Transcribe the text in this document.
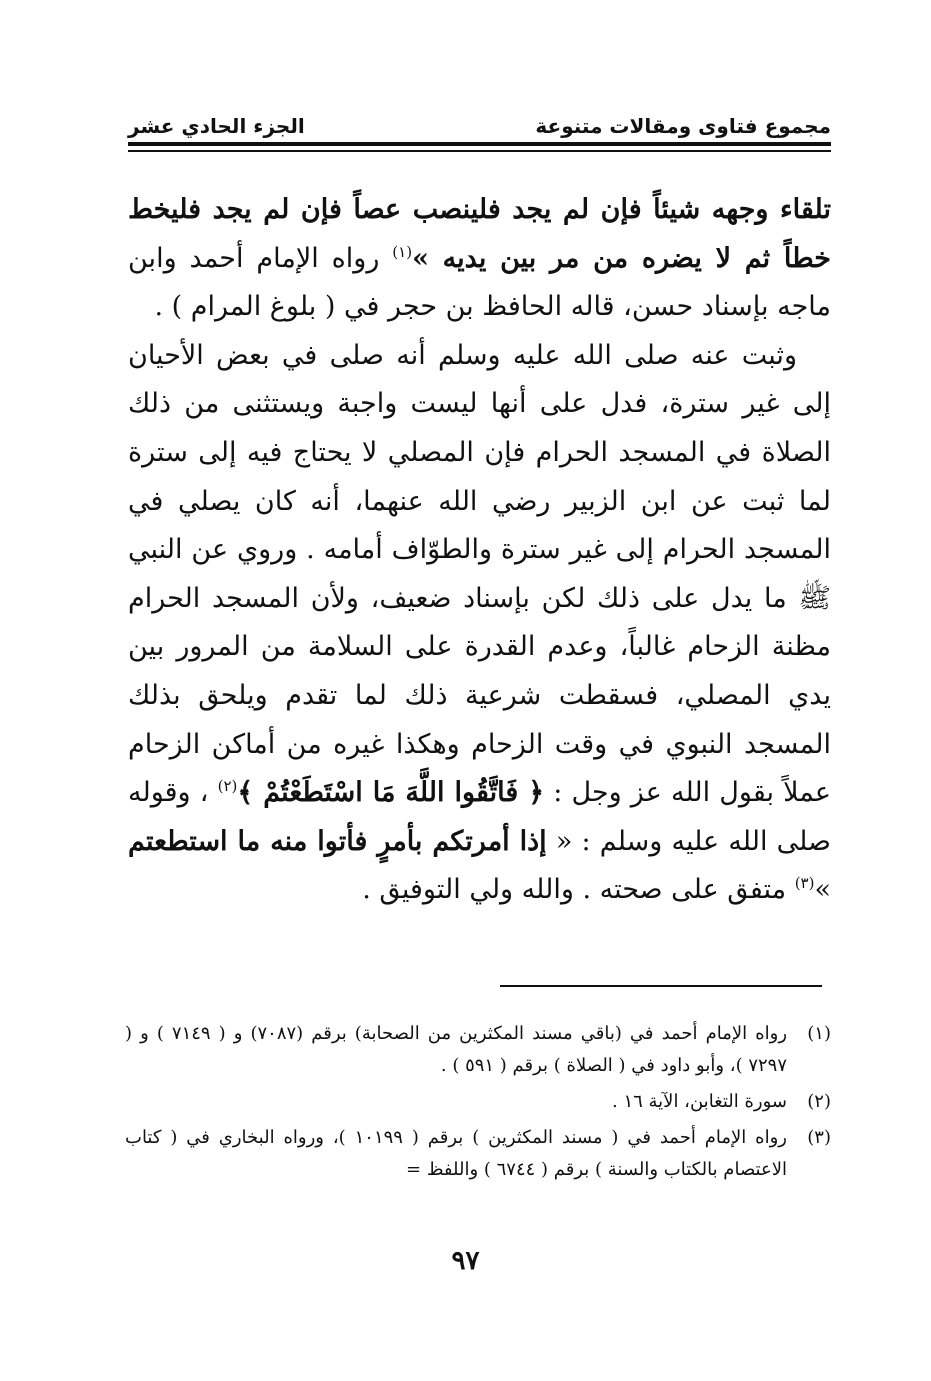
مجموع فتاوى ومقالات متنوعة
الجزء الحادي عشر

تلقاء وجهه شيئاً فإن لم يجد فلينصب عصاً فإن لم يجد فليخط خطاً ثم لا يضره من مر بين يديه »$^{(١)}$ رواه الإمام أحمد وابن ماجه بإسناد حسن، قاله الحافظ بن حجر في ( بلوغ المرام ) .

وثبت عنه صلى الله عليه وسلم أنه صلى في بعض الأحيان إلى غير سترة، فدل على أنها ليست واجبة ويستثنى من ذلك الصلاة في المسجد الحرام فإن المصلي لا يحتاج فيه إلى سترة لما ثبت عن ابن الزبير رضي الله عنهما، أنه كان يصلي في المسجد الحرام إلى غير سترة والطوّاف أمامه . وروي عن النبي ﷺ ما يدل على ذلك لكن بإسناد ضعيف، ولأن المسجد الحرام مظنة الزحام غالباً، وعدم القدرة على السلامة من المرور بين يدي المصلي، فسقطت شرعية ذلك لما تقدم ويلحق بذلك المسجد النبوي في وقت الزحام وهكذا غيره من أماكن الزحام عملاً بقول الله عز وجل : ﴿ فَاتَّقُوا اللَّهَ مَا اسْتَطَعْتُمْ ﴾$^{(٢)}$ ، وقوله صلى الله عليه وسلم : « إذا أمرتكم بأمرٍ فأتوا منه ما استطعتم »$^{(٣)}$ متفق على صحته . والله ولي التوفيق .

(١)
رواه الإمام أحمد في (باقي مسند المكثرين من الصحابة) برقم (٧٠٨٧) و ( ٧١٤٩ ) و ( ٧٢٩٧ )، وأبو داود في ( الصلاة ) برقم ( ٥٩١ ) .
(٢)
سورة التغابن، الآية ١٦ .
(٣)
رواه الإمام أحمد في ( مسند المكثرين ) برقم ( ١٠١٩٩ )، ورواه البخاري في ( كتاب الاعتصام بالكتاب والسنة ) برقم ( ٦٧٤٤ ) واللفظ =
٩٧
